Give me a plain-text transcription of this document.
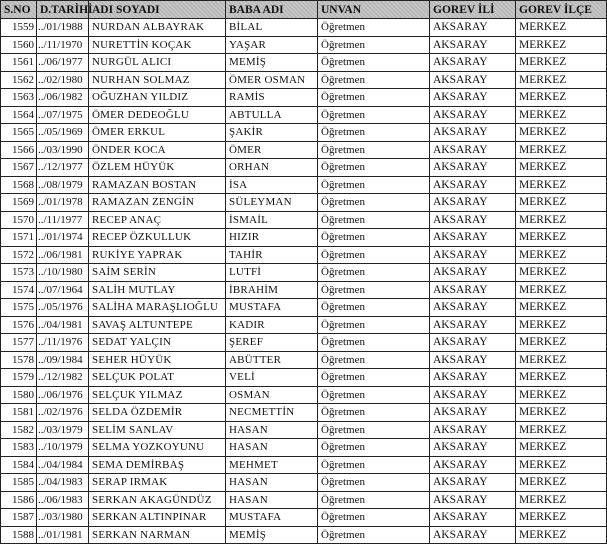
S.NO	D.TARİHİ	ADI SOYADI	BABA ADI	UNVAN	GOREV İLİ	GOREV İLÇE
1559	../01/1988	NURDAN ALBAYRAK	BİLAL	Öğretmen	AKSARAY	MERKEZ
1560	../11/1970	NURETTİN KOÇAK	YAŞAR	Öğretmen	AKSARAY	MERKEZ
1561	../06/1977	NURGÜL ALICI	MEMİŞ	Öğretmen	AKSARAY	MERKEZ
1562	../02/1980	NURHAN SOLMAZ	ÖMER OSMAN	Öğretmen	AKSARAY	MERKEZ
1563	../06/1982	OĞUZHAN YILDIZ	RAMİS	Öğretmen	AKSARAY	MERKEZ
1564	../07/1975	ÖMER DEDEOĞLU	ABTULLA	Öğretmen	AKSARAY	MERKEZ
1565	../05/1969	ÖMER ERKUL	ŞAKİR	Öğretmen	AKSARAY	MERKEZ
1566	../03/1990	ÖNDER KOCA	ÖMER	Öğretmen	AKSARAY	MERKEZ
1567	../12/1977	ÖZLEM HÜYÜK	ORHAN	Öğretmen	AKSARAY	MERKEZ
1568	../08/1979	RAMAZAN BOSTAN	İSA	Öğretmen	AKSARAY	MERKEZ
1569	../01/1978	RAMAZAN ZENGİN	SÜLEYMAN	Öğretmen	AKSARAY	MERKEZ
1570	../11/1977	RECEP ANAÇ	İSMAİL	Öğretmen	AKSARAY	MERKEZ
1571	../01/1974	RECEP ÖZKULLUK	HIZIR	Öğretmen	AKSARAY	MERKEZ
1572	../06/1981	RUKİYE YAPRAK	TAHİR	Öğretmen	AKSARAY	MERKEZ
1573	../10/1980	SAİM SERİN	LUTFİ	Öğretmen	AKSARAY	MERKEZ
1574	../07/1964	SALİH MUTLAY	İBRAHİM	Öğretmen	AKSARAY	MERKEZ
1575	../05/1976	SALİHA MARAŞLIOĞLU	MUSTAFA	Öğretmen	AKSARAY	MERKEZ
1576	../04/1981	SAVAŞ ALTUNTEPE	KADIR	Öğretmen	AKSARAY	MERKEZ
1577	../11/1976	SEDAT YALÇIN	ŞEREF	Öğretmen	AKSARAY	MERKEZ
1578	../09/1984	SEHER HÜYÜK	ABÜTTER	Öğretmen	AKSARAY	MERKEZ
1579	../12/1982	SELÇUK POLAT	VELİ	Öğretmen	AKSARAY	MERKEZ
1580	../06/1976	SELÇUK YILMAZ	OSMAN	Öğretmen	AKSARAY	MERKEZ
1581	../02/1976	SELDA ÖZDEMİR	NECMETTİN	Öğretmen	AKSARAY	MERKEZ
1582	../03/1979	SELİM SANLAV	HASAN	Öğretmen	AKSARAY	MERKEZ
1583	../10/1979	SELMA YOZKOYUNU	HASAN	Öğretmen	AKSARAY	MERKEZ
1584	../04/1984	SEMA DEMİRBAŞ	MEHMET	Öğretmen	AKSARAY	MERKEZ
1585	../04/1983	SERAP IRMAK	HASAN	Öğretmen	AKSARAY	MERKEZ
1586	../06/1983	SERKAN AKAGÜNDÜZ	HASAN	Öğretmen	AKSARAY	MERKEZ
1587	../03/1980	SERKAN ALTINPINAR	MUSTAFA	Öğretmen	AKSARAY	MERKEZ
1588	../01/1981	SERKAN NARMAN	MEMİŞ	Öğretmen	AKSARAY	MERKEZ
